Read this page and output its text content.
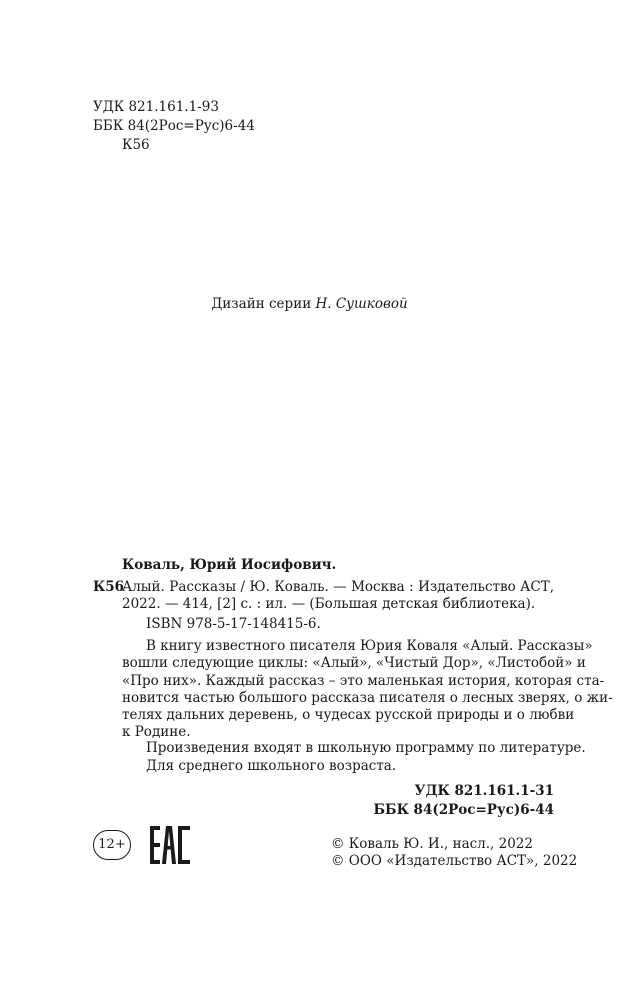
УДК 821.161.1-93
ББК 84(2Рос=Рус)6-44
К56
Дизайн серии Н. Сушковой
Коваль, Юрий Иосифович.
К56
Алый. Рассказы / Ю. Коваль. — Москва : Издательство АСТ,
2022. — 414, [2] с. : ил. — (Большая детская библиотека).
ISBN 978-5-17-148415-6.
В книгу известного писателя Юрия Коваля «Алый. Рассказы»
вошли следующие циклы: «Алый», «Чистый Дор», «Листобой» и
«Про них». Каждый рассказ – это маленькая история, которая ста-
новится частью большого рассказа писателя о лесных зверях, о жи-
телях дальних деревень, о чудесах русской природы и о любви
к Родине.
Произведения входят в школьную программу по литературе.
Для среднего школьного возраста.
УДК 821.161.1-31
ББК 84(2Рос=Рус)6-44
12+	© Коваль Ю. И., насл., 2022
© ООО «Издательство АСТ», 2022
